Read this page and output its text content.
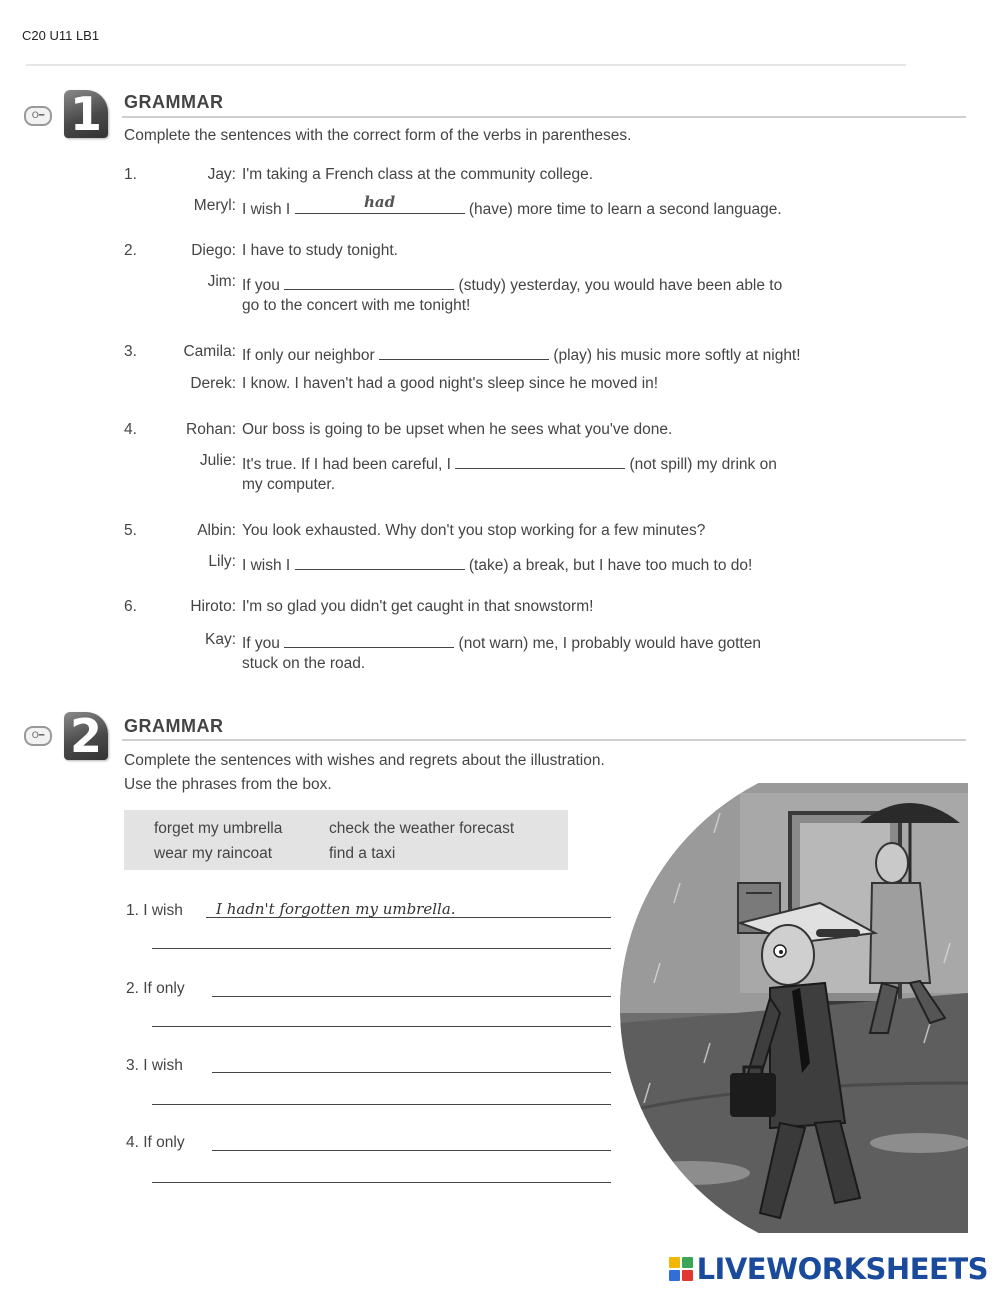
C20 U11 LB1
O━ 1	GRAMMAR
Complete the sentences with the correct form of the verbs in parentheses.
1.	Jay: I'm taking a French class at the community college.
Meryl: I wish I	had	(have) more time to learn a second language.
2.	Diego: I have to study tonight.
Jim: If you	(study) yesterday, you would have been able to
go to the concert with me tonight!
3.	Camila: If only our neighbor	(play) his music more softly at night!
Derek: I know. I haven't had a good night's sleep since he moved in!
4.	Rohan: Our boss is going to be upset when he sees what you've done.
Julie: It's true. If I had been careful, I	(not spill) my drink on
my computer.
5.	Albin: You look exhausted. Why don't you stop working for a few minutes?
Lily: I wish I	(take) a break, but I have too much to do!
6.	Hiroto: I'm so glad you didn't get caught in that snowstorm!
Kay: If you	(not warn) me, I probably would have gotten
stuck on the road.
O━ 2	GRAMMAR
Complete the sentences with wishes and regrets about the illustration.
Use the phrases from the box.
forget my umbrella	check the weather forecast
wear my raincoat	find a taxi
1. I wish I hadn't forgotten my umbrella.
2. If only
3. I wish
4. If only
LIVEWORKSHEETS
